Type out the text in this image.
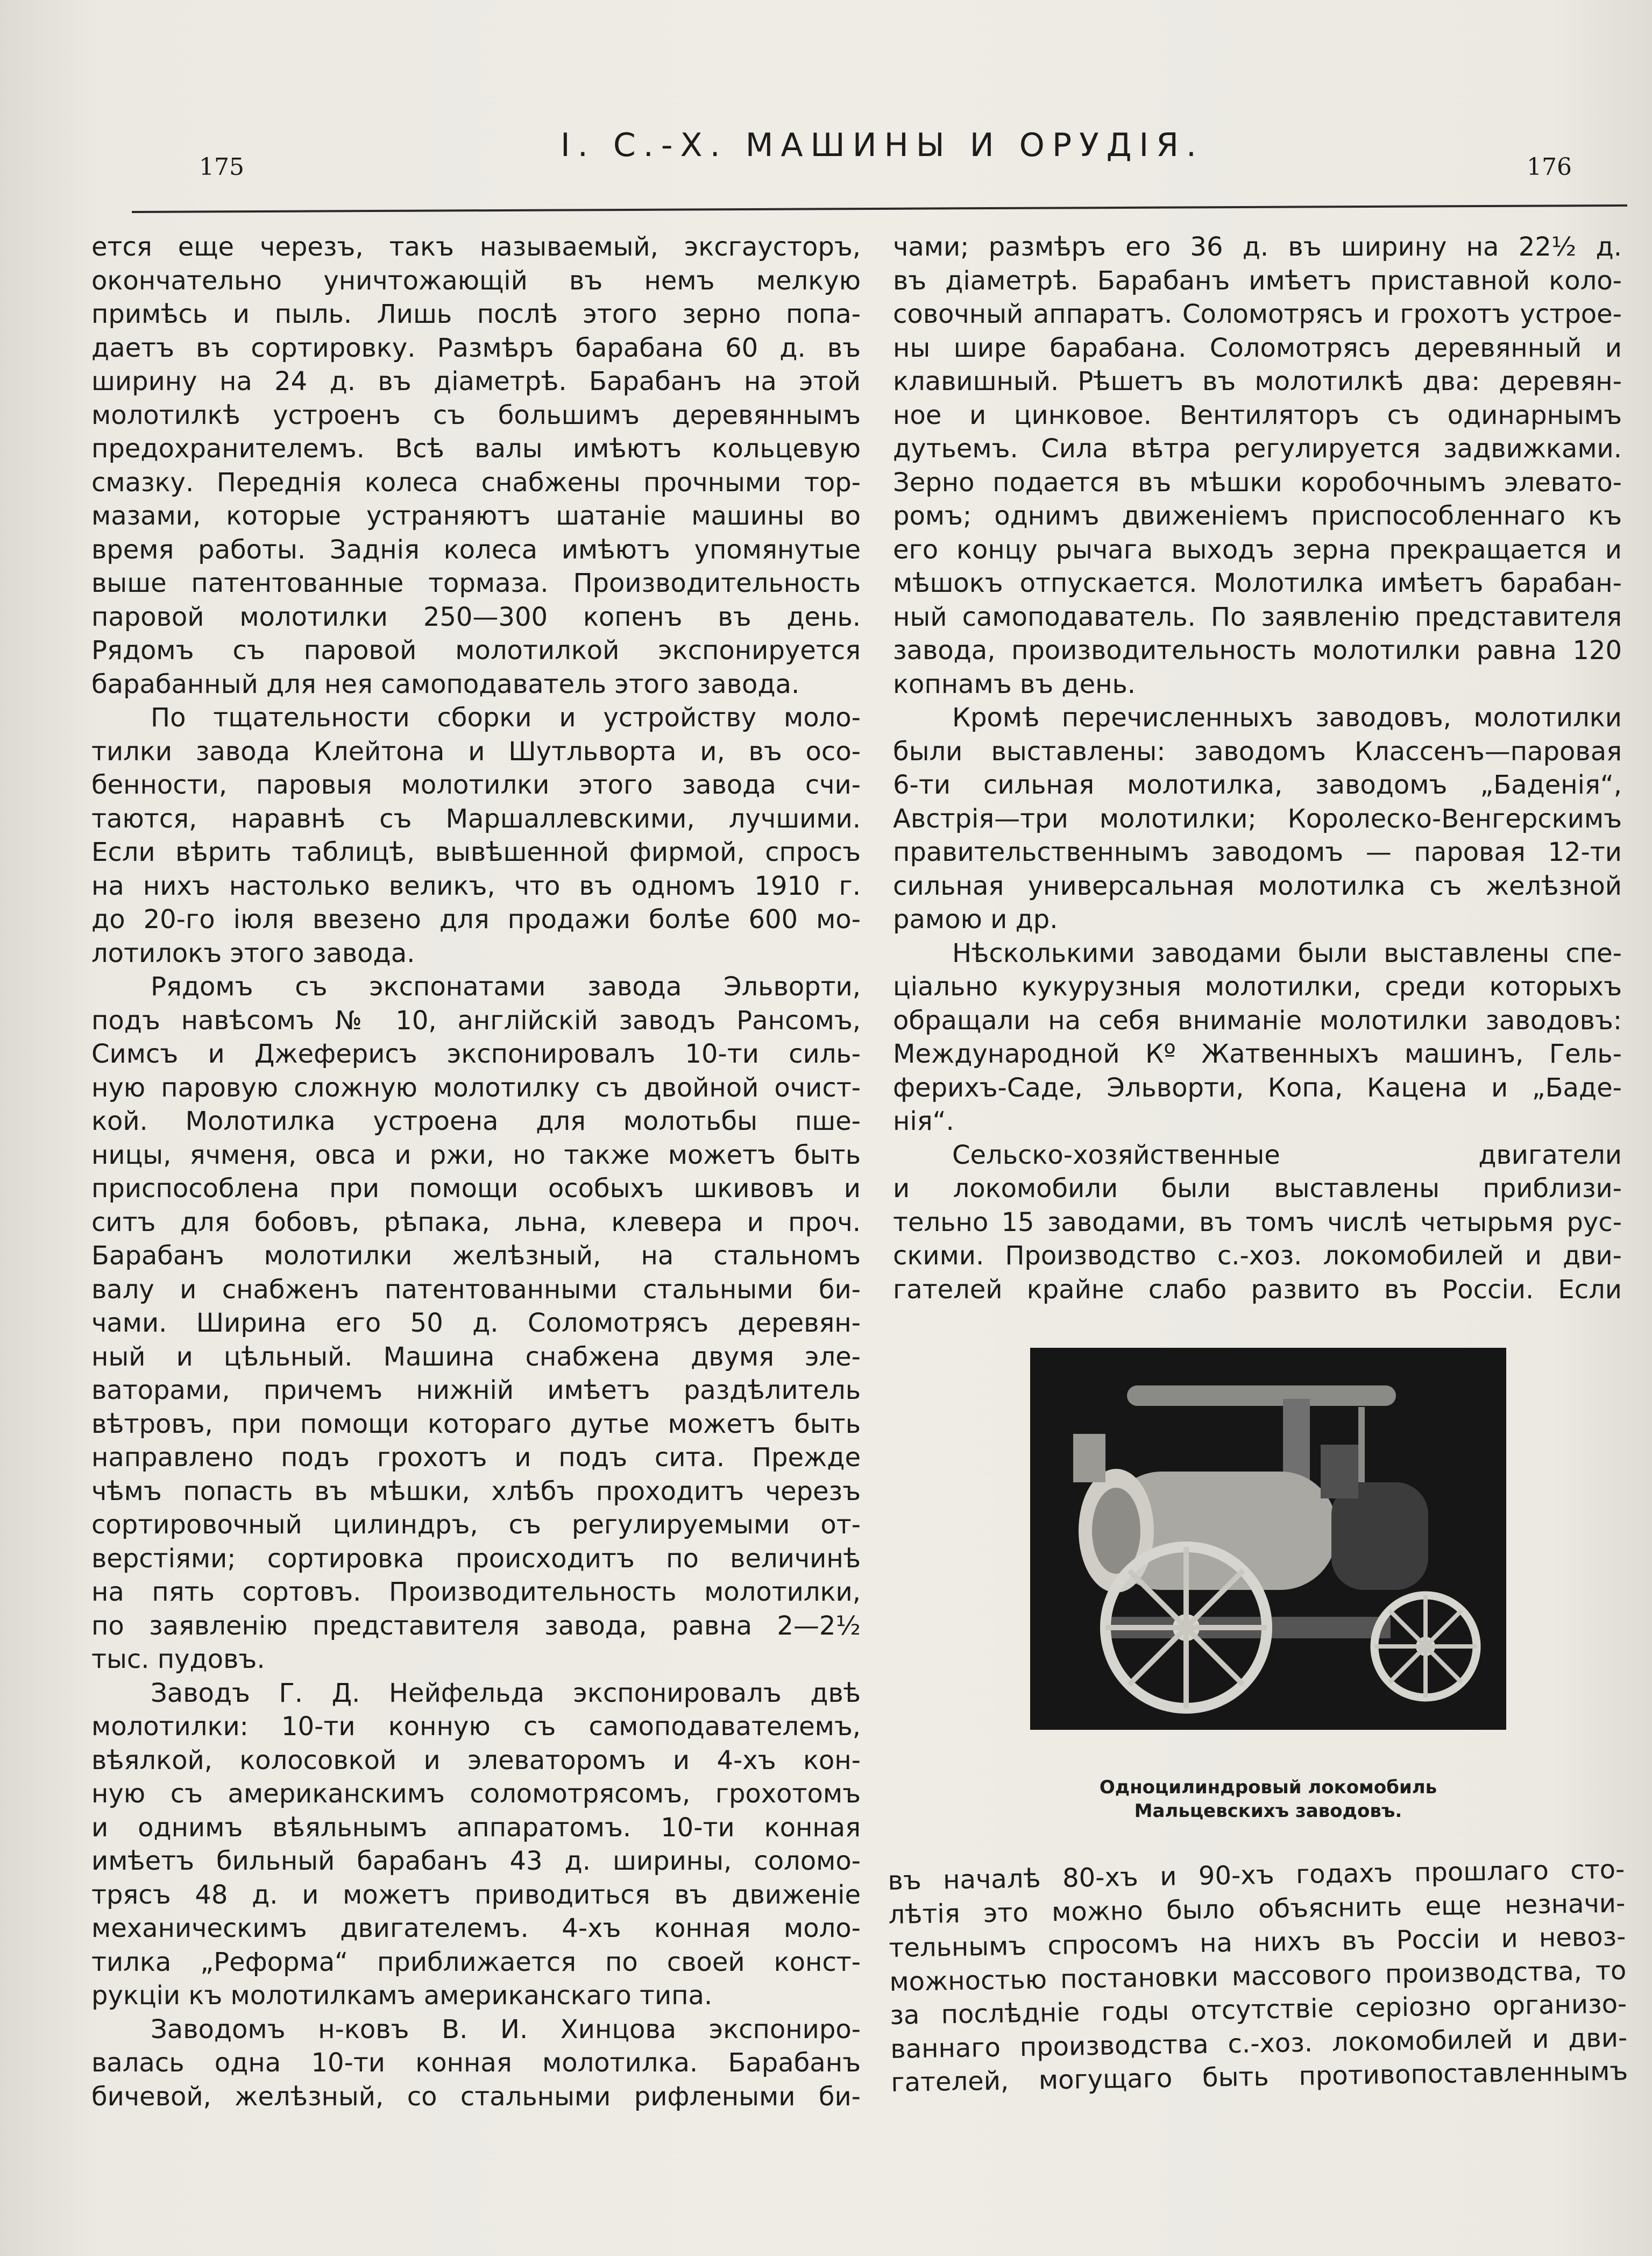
175
I. С.-Х. МАШИНЫ И ОРУДІЯ.
176
ется еще черезъ, такъ называемый, эксгаусторъ,
окончательно уничтожающій въ немъ мелкую
примѣсь и пыль. Лишь послѣ этого зерно попа-
даетъ въ сортировку. Размѣръ барабана 60 д. въ
ширину на 24 д. въ діаметрѣ. Барабанъ на этой
молотилкѣ устроенъ съ большимъ деревяннымъ
предохранителемъ. Всѣ валы имѣютъ кольцевую
смазку. Переднія колеса снабжены прочными тор-
мазами, которые устраняютъ шатаніе машины во
время работы. Заднія колеса имѣютъ упомянутые
выше патентованные тормаза. Производительность
паровой молотилки 250—300 копенъ въ день.
Рядомъ съ паровой молотилкой экспонируется
барабанный для нея самоподаватель этого завода.
По тщательности сборки и устройству моло-
тилки завода Клейтона и Шутльворта и, въ осо-
бенности, паровыя молотилки этого завода счи-
таются, наравнѣ съ Маршаллевскими, лучшими.
Если вѣрить таблицѣ, вывѣшенной фирмой, спросъ
на нихъ настолько великъ, что въ одномъ 1910 г.
до 20-го іюля ввезено для продажи болѣе 600 мо-
лотилокъ этого завода.
Рядомъ съ экспонатами завода Эльворти,
подъ навѣсомъ № 10, англійскій заводъ Рансомъ,
Симсъ и Джеферисъ экспонировалъ 10-ти силь-
ную паровую сложную молотилку съ двойной очист-
кой. Молотилка устроена для молотьбы пше-
ницы, ячменя, овса и ржи, но также можетъ быть
приспособлена при помощи особыхъ шкивовъ и
ситъ для бобовъ, рѣпака, льна, клевера и проч.
Барабанъ молотилки желѣзный, на стальномъ
валу и снабженъ патентованными стальными би-
чами. Ширина его 50 д. Соломотрясъ деревян-
ный и цѣльный. Машина снабжена двумя эле-
ваторами, причемъ нижній имѣетъ раздѣлитель
вѣтровъ, при помощи котораго дутье можетъ быть
направлено подъ грохотъ и подъ сита. Прежде
чѣмъ попасть въ мѣшки, хлѣбъ проходитъ черезъ
сортировочный цилиндръ, съ регулируемыми от-
верстіями; сортировка происходитъ по величинѣ
на пять сортовъ. Производительность молотилки,
по заявленію представителя завода, равна 2—2½
тыс. пудовъ.
Заводъ Г. Д. Нейфельда экспонировалъ двѣ
молотилки: 10-ти конную съ самоподавателемъ,
вѣялкой, колосовкой и элеваторомъ и 4-хъ кон-
ную съ американскимъ соломотрясомъ, грохотомъ
и однимъ вѣяльнымъ аппаратомъ. 10-ти конная
имѣетъ бильный барабанъ 43 д. ширины, соломо-
трясъ 48 д. и можетъ приводиться въ движеніе
механическимъ двигателемъ. 4-хъ конная моло-
тилка „Реформа“ приближается по своей конст-
рукціи къ молотилкамъ американскаго типа.
Заводомъ н-ковъ В. И. Хинцова экспониро-
валась одна 10-ти конная молотилка. Барабанъ
бичевой, желѣзный, со стальными рифлеными би-
чами; размѣръ его 36 д. въ ширину на 22½ д.
въ діаметрѣ. Барабанъ имѣетъ приставной коло-
совочный аппаратъ. Соломотрясъ и грохотъ устрое-
ны шире барабана. Соломотрясъ деревянный и
клавишный. Рѣшетъ въ молотилкѣ два: деревян-
ное и цинковое. Вентиляторъ съ одинарнымъ
дутьемъ. Сила вѣтра регулируется задвижками.
Зерно подается въ мѣшки коробочнымъ элевато-
ромъ; однимъ движеніемъ приспособленнаго къ
его концу рычага выходъ зерна прекращается и
мѣшокъ отпускается. Молотилка имѣетъ барабан-
ный самоподаватель. По заявленію представителя
завода, производительность молотилки равна 120
копнамъ въ день.
Кромѣ перечисленныхъ заводовъ, молотилки
были выставлены: заводомъ Классенъ—паровая
6-ти сильная молотилка, заводомъ „Баденія“,
Австрія—три молотилки; Королеско-Венгерскимъ
правительственнымъ заводомъ — паровая 12-ти
сильная универсальная молотилка съ желѣзной
рамою и др.
Нѣсколькими заводами были выставлены спе-
ціально кукурузныя молотилки, среди которыхъ
обращали на себя вниманіе молотилки заводовъ:
Международной Кº Жатвенныхъ машинъ, Гель-
ферихъ-Саде, Эльворти, Копа, Кацена и „Баде-
нія“.
Сельско-хозяйственные двигатели
и локомобили были выставлены приблизи-
тельно 15 заводами, въ томъ числѣ четырьмя рус-
скими. Производство с.-хоз. локомобилей и дви-
гателей крайне слабо развито въ Россіи. Если
Одноцилиндровый локомобиль
Мальцевскихъ заводовъ.
въ началѣ 80-хъ и 90-хъ годахъ прошлаго сто-
лѣтія это можно было объяснить еще незначи-
тельнымъ спросомъ на нихъ въ Россіи и невоз-
можностью постановки массового производства, то
за послѣдніе годы отсутствіе серіозно организо-
ваннаго производства с.-хоз. локомобилей и дви-
гателей, могущаго быть противопоставленнымъ
